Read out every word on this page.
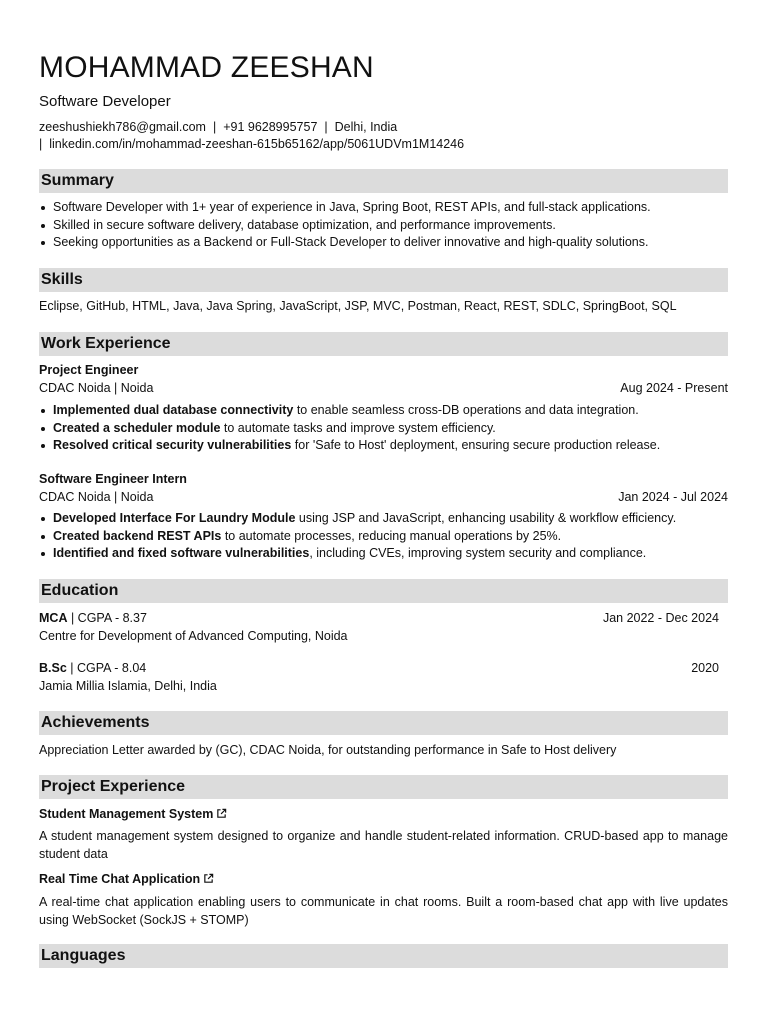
MOHAMMAD ZEESHAN
Software Developer
zeeshushiekh786@gmail.com | +91 9628995757 | Delhi, India
| linkedin.com/in/mohammad-zeeshan-615b65162/app/5061UDVm1M14246
Summary
Software Developer with 1+ year of experience in Java, Spring Boot, REST APIs, and full-stack applications.
Skilled in secure software delivery, database optimization, and performance improvements.
Seeking opportunities as a Backend or Full-Stack Developer to deliver innovative and high-quality solutions.
Skills
Eclipse, GitHub, HTML, Java, Java Spring, JavaScript, JSP, MVC, Postman, React, REST, SDLC, SpringBoot, SQL
Work Experience
Project Engineer
CDAC Noida | Noida	Aug 2024 - Present
Implemented dual database connectivity to enable seamless cross-DB operations and data integration.
Created a scheduler module to automate tasks and improve system efficiency.
Resolved critical security vulnerabilities for 'Safe to Host' deployment, ensuring secure production release.
Software Engineer Intern
CDAC Noida | Noida	Jan 2024 - Jul 2024
Developed Interface For Laundry Module using JSP and JavaScript, enhancing usability & workflow efficiency.
Created backend REST APIs to automate processes, reducing manual operations by 25%.
Identified and fixed software vulnerabilities, including CVEs, improving system security and compliance.
Education
MCA | CGPA - 8.37	Jan 2022 - Dec 2024
Centre for Development of Advanced Computing, Noida
B.Sc | CGPA - 8.04	2020
Jamia Millia Islamia, Delhi, India
Achievements
Appreciation Letter awarded by (GC), CDAC Noida, for outstanding performance in Safe to Host delivery
Project Experience
Student Management System
A student management system designed to organize and handle student-related information. CRUD-based app to manage student data
Real Time Chat Application
A real-time chat application enabling users to communicate in chat rooms. Built a room-based chat app with live updates using WebSocket (SockJS + STOMP)
Languages
